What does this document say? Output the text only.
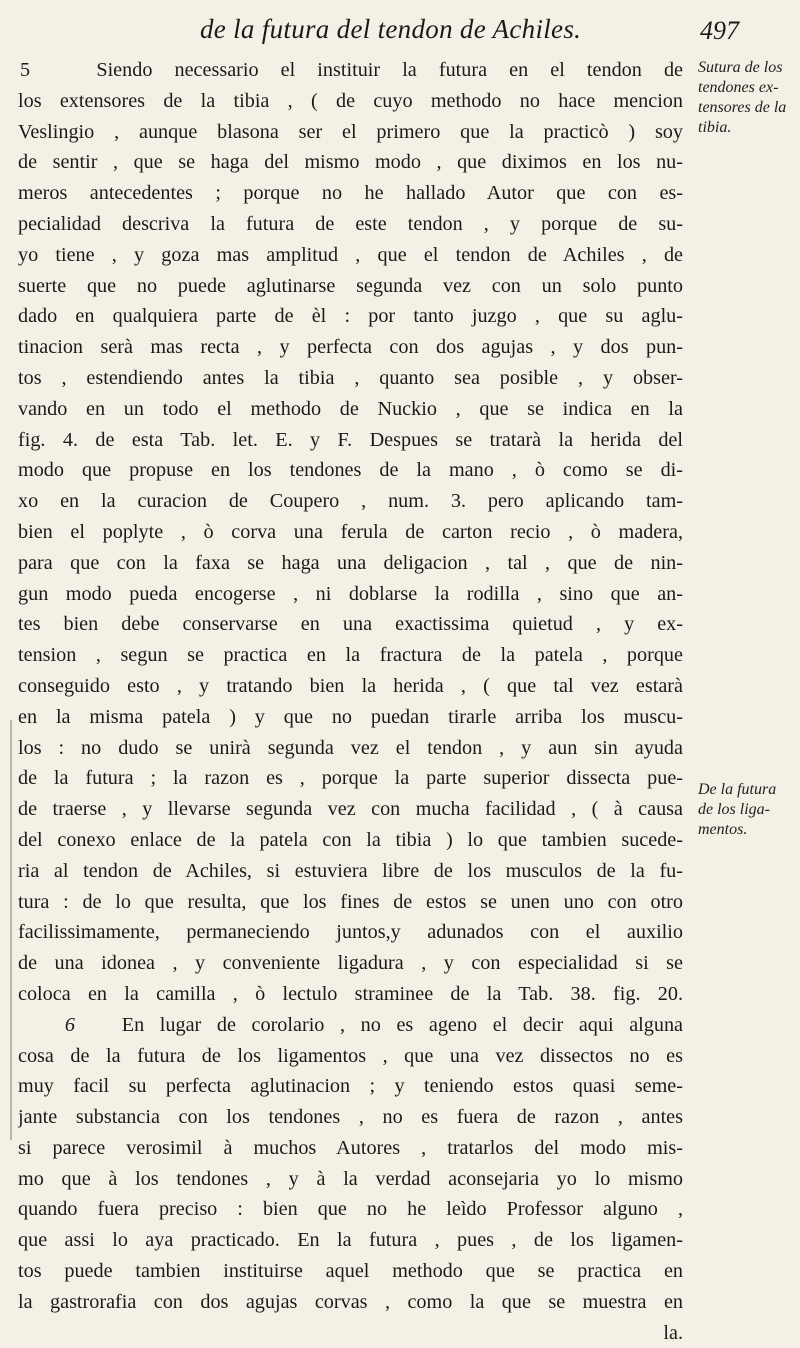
de la futura del tendon de Achiles.	497
5	Siendo necessario el instituir la futura en el tendon de
los extensores de la tibia , ( de cuyo methodo no hace mencion
Veslingio , aunque blasona ser el primero que la practicò ) soy
de sentir , que se haga del mismo modo , que diximos en los nu-
meros antecedentes ; porque no he hallado Autor que con es-
pecialidad descriva la futura de este tendon , y porque de su-
yo tiene , y goza mas amplitud , que el tendon de Achiles , de
suerte que no puede aglutinarse segunda vez con un solo punto
dado en qualquiera parte de èl : por tanto juzgo , que su aglu-
tinacion serà mas recta , y perfecta con dos agujas , y dos pun-
tos , estendiendo antes la tibia , quanto sea posible , y obser-
vando en un todo el methodo de Nuckio , que se indica en la
fig. 4. de esta Tab. let. E. y F. Despues se tratarà la herida del
modo que propuse en los tendones de la mano , ò como se di-
xo en la curacion de Coupero , num. 3. pero aplicando tam-
bien el poplyte , ò corva una ferula de carton recio , ò madera,
para que con la faxa se haga una deligacion , tal , que de nin-
gun modo pueda encogerse , ni doblarse la rodilla , sino que an-
tes bien debe conservarse en una exactissima quietud , y ex-
tension , segun se practica en la fractura de la patela , porque
conseguido esto , y tratando bien la herida , ( que tal vez estarà
en la misma patela ) y que no puedan tirarle arriba los muscu-
los : no dudo se unirà segunda vez el tendon , y aun sin ayuda
de la futura ; la razon es , porque la parte superior dissecta pue-
de traerse , y llevarse segunda vez con mucha facilidad , ( à causa
del conexo enlace de la patela con la tibia ) lo que tambien sucede-
ria al tendon de Achiles, si estuviera libre de los musculos de la fu-
tura : de lo que resulta, que los fines de estos se unen uno con otro
facilissimamente, permaneciendo juntos,y adunados con el auxilio
de una idonea , y conveniente ligadura , y con especialidad si se
coloca en la camilla , ò lectulo straminee de la Tab. 38. fig. 20.
6 En lugar de corolario , no es ageno el decir aqui alguna
cosa de la futura de los ligamentos , que una vez dissectos no es
muy facil su perfecta aglutinacion ; y teniendo estos quasi seme-
jante substancia con los tendones , no es fuera de razon , antes
si parece verosimil à muchos Autores , tratarlos del modo mis-
mo que à los tendones , y à la verdad aconsejaria yo lo mismo
quando fuera preciso : bien que no he leìdo Professor alguno ,
que assi lo aya practicado. En la futura , pues , de los ligamen-
tos puede tambien instituirse aquel methodo que se practica en
la gastrorafia con dos agujas corvas , como la que se muestra en
la.
Sutura de los
tendones ex-
tensores de la
tibia.
De la futura
de los liga-
mentos.
